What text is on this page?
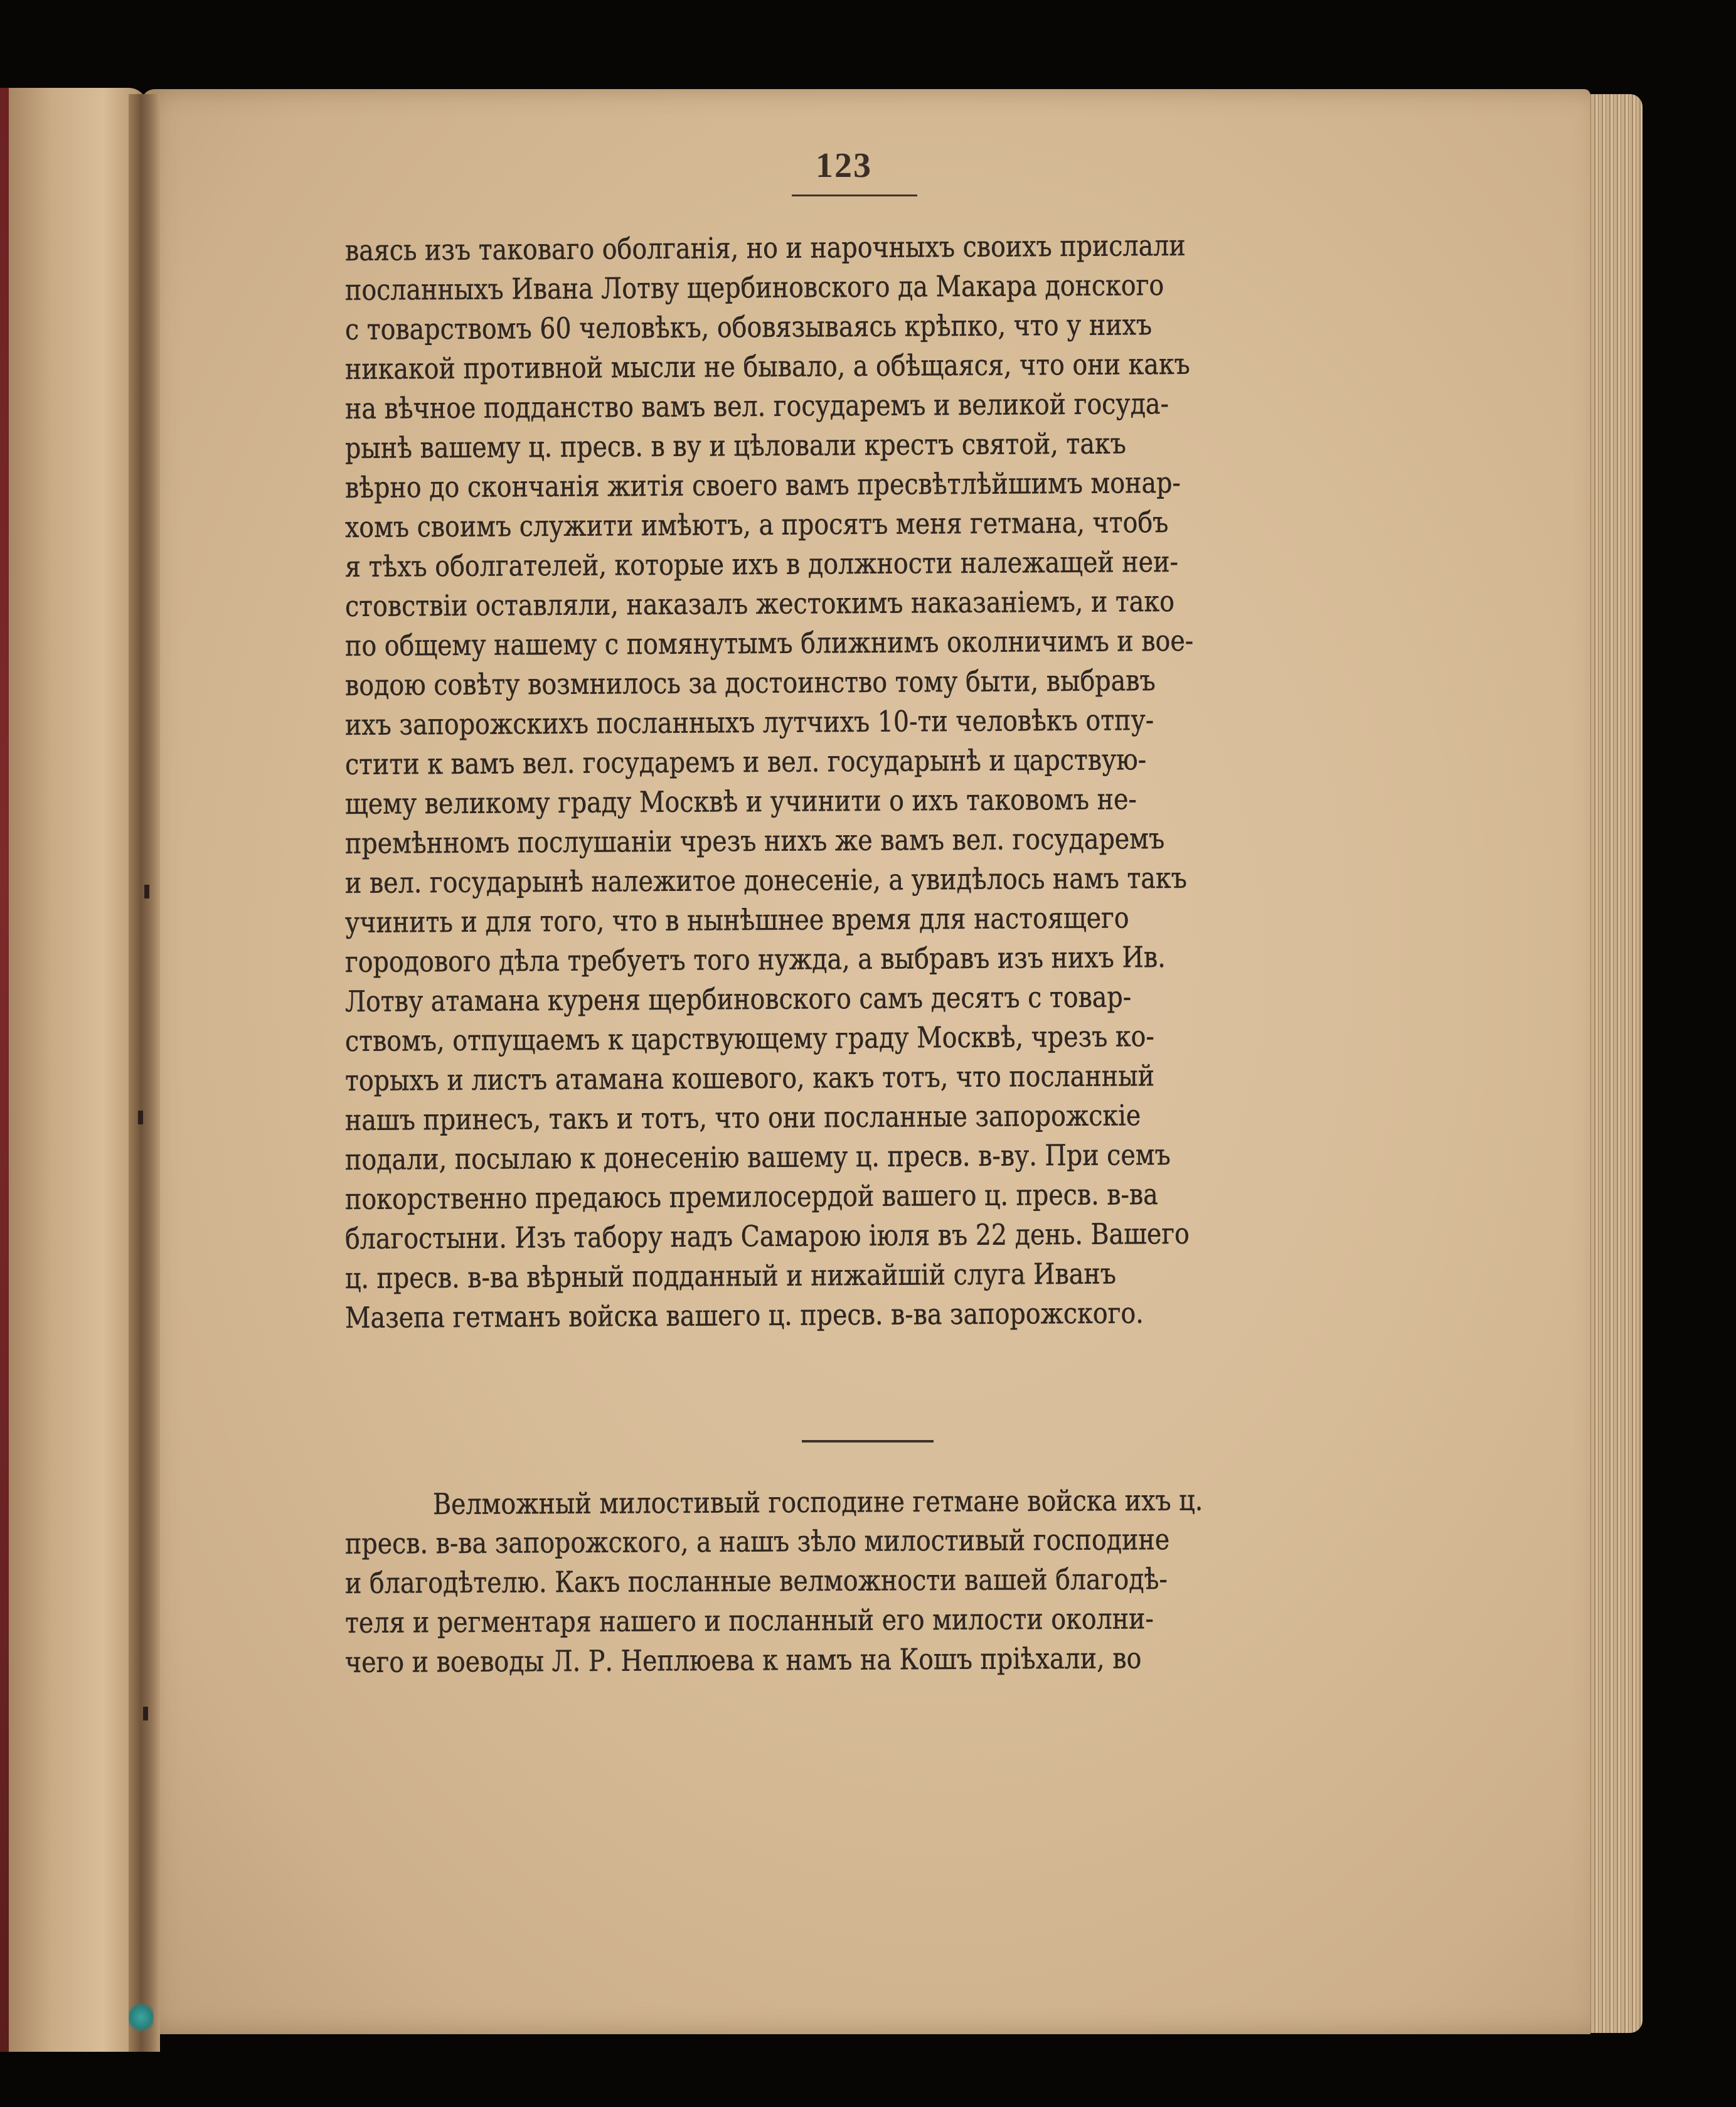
123
ваясь изъ таковаго оболганія, но и нарочныхъ своихъ прислали
посланныхъ Ивана Лотву щербиновского да Макара донского
с товарствомъ 60 человѣкъ, обовязываясь крѣпко, что у нихъ
никакой противной мысли не бывало, а обѣщаяся, что они какъ
на вѣчное подданство вамъ вел. государемъ и великой госуда-
рынѣ вашему ц. пресв. в ву и цѣловали крестъ святой, такъ
вѣрно до скончанія житія своего вамъ пресвѣтлѣйшимъ монар-
хомъ своимъ служити имѣютъ, а просятъ меня гетмана, чтобъ
я тѣхъ оболгателей, которые ихъ в должности належащей неи-
стовствіи оставляли, наказалъ жестокимъ наказаніемъ, и тако
по общему нашему с помянутымъ ближнимъ околничимъ и вое-
водою совѣту возмнилось за достоинство тому быти, выбравъ
ихъ запорожскихъ посланныхъ лутчихъ 10-ти человѣкъ отпу-
стити к вамъ вел. государемъ и вел. государынѣ и царствую-
щему великому граду Москвѣ и учинити о ихъ таковомъ не-
премѣнномъ послушаніи чрезъ нихъ же вамъ вел. государемъ
и вел. государынѣ належитое донесеніе, а увидѣлось намъ такъ
учинить и для того, что в нынѣшнее время для настоящего
городового дѣла требуетъ того нужда, а выбравъ изъ нихъ Ив.
Лотву атамана куреня щербиновского самъ десятъ с товар-
ствомъ, отпущаемъ к царствующему граду Москвѣ, чрезъ ко-
торыхъ и листъ атамана кошевого, какъ тотъ, что посланный
нашъ принесъ, такъ и тотъ, что они посланные запорожскіе
подали, посылаю к донесенію вашему ц. пресв. в-ву. При семъ
покорственно предаюсь премилосердой вашего ц. пресв. в-ва
благостыни. Изъ табору надъ Самарою іюля въ 22 день. Вашего
ц. пресв. в-ва вѣрный подданный и нижайшій слуга Иванъ
Мазепа гетманъ войска вашего ц. пресв. в-ва запорожского.
Велможный милостивый господине гетмане войска ихъ ц.
пресв. в-ва запорожского, а нашъ зѣло милостивый господине
и благодѣтелю. Какъ посланные велможности вашей благодѣ-
теля и регментаря нашего и посланный его милости околни-
чего и воеводы Л. Р. Неплюева к намъ на Кошъ пріѣхали, во
